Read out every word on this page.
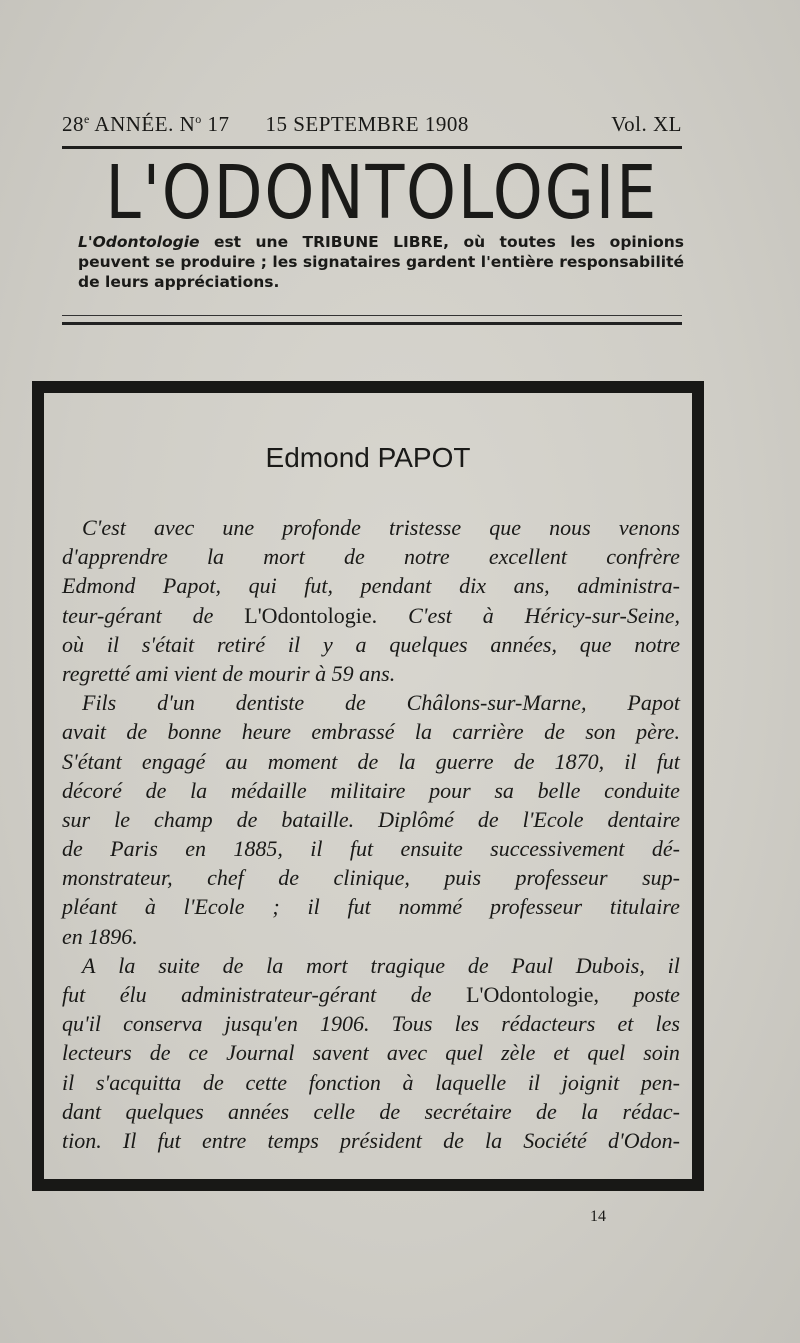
28e ANNÉE. $N^o$ 17 15 SEPTEMBRE 1908	Vol. XL
L'ODONTOLOGIE
L'Odontologie est une TRIBUNE LIBRE, où toutes les opinions peuvent se produire ; les signataires gardent l'entière responsabilité de leurs appréciations.
Edmond PAPOT
C'est avec une profonde tristesse que nous venons
d'apprendre la mort de notre excellent confrère
Edmond Papot, qui fut, pendant dix ans, administra-
teur-gérant de L'Odontologie. C'est à Héricy-sur-Seine,
où il s'était retiré il y a quelques années, que notre
regretté ami vient de mourir à 59 ans.
Fils d'un dentiste de Châlons-sur-Marne, Papot
avait de bonne heure embrassé la carrière de son père.
S'étant engagé au moment de la guerre de 1870, il fut
décoré de la médaille militaire pour sa belle conduite
sur le champ de bataille. Diplômé de l'Ecole dentaire
de Paris en 1885, il fut ensuite successivement dé-
monstrateur, chef de clinique, puis professeur sup-
pléant à l'Ecole ; il fut nommé professeur titulaire
en 1896.
A la suite de la mort tragique de Paul Dubois, il
fut élu administrateur-gérant de L'Odontologie, poste
qu'il conserva jusqu'en 1906. Tous les rédacteurs et les
lecteurs de ce Journal savent avec quel zèle et quel soin
il s'acquitta de cette fonction à laquelle il joignit pen-
dant quelques années celle de secrétaire de la rédac-
tion. Il fut entre temps président de la Société d'Odon-
14
